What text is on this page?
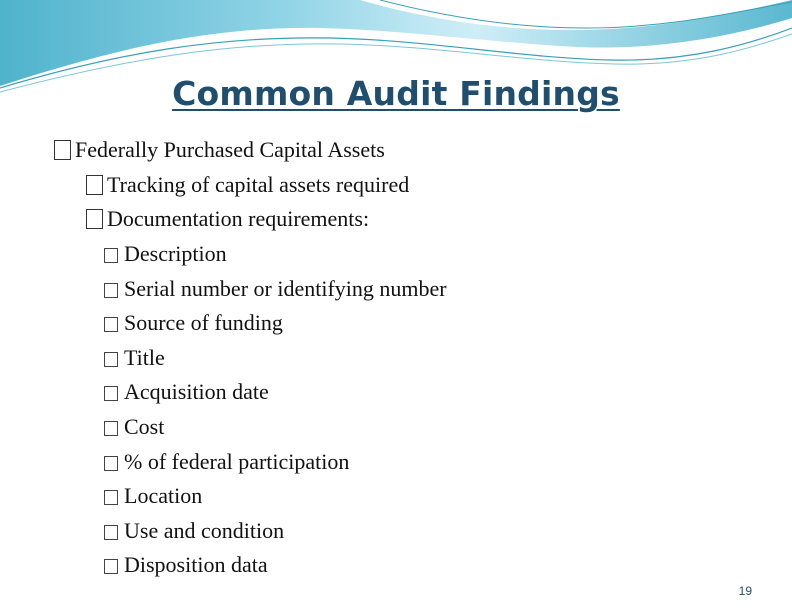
Common Audit Findings
Federally Purchased Capital Assets
Tracking of capital assets required
Documentation requirements:
Description
Serial number or identifying number
Source of funding
Title
Acquisition date
Cost
% of federal participation
Location
Use and condition
Disposition data
19
